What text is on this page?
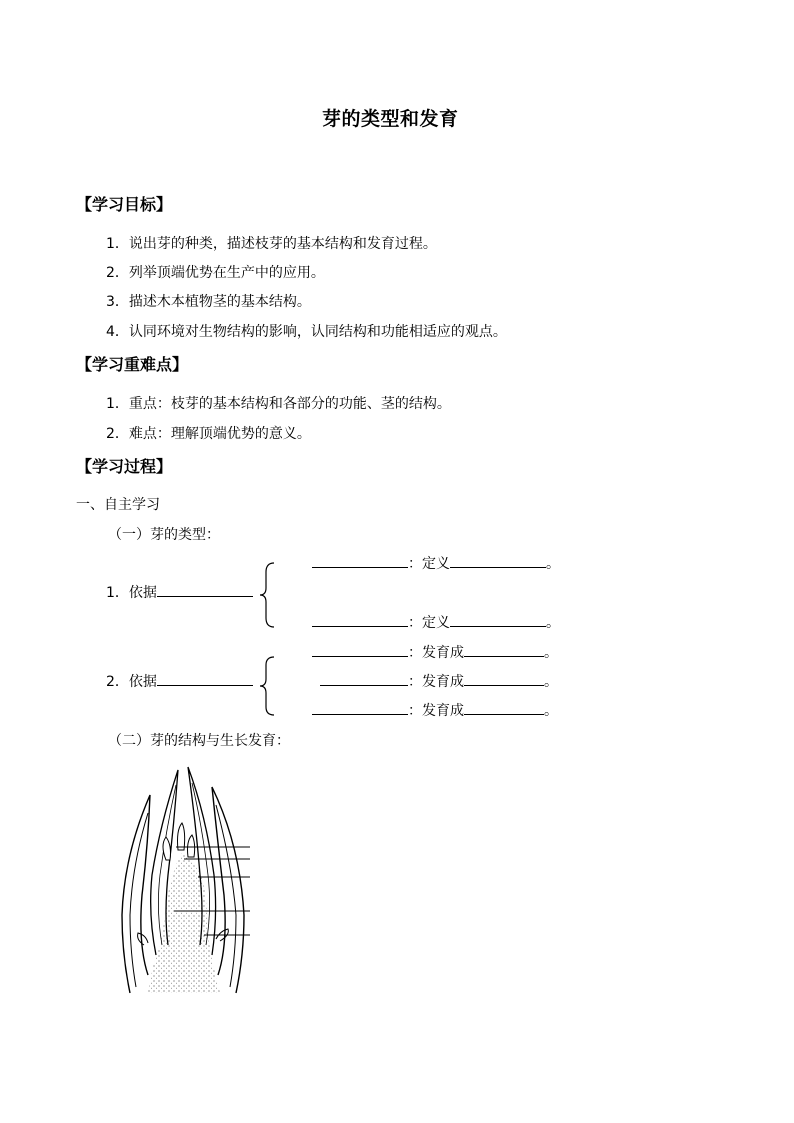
芽的类型和发育
【学习目标】
1．说出芽的种类，描述枝芽的基本结构和发育过程。
2．列举顶端优势在生产中的应用。
3．描述木本植物茎的基本结构。
4．认同环境对生物结构的影响，认同结构和功能相适应的观点。
【学习重难点】
1．重点：枝芽的基本结构和各部分的功能、茎的结构。
2．难点：理解顶端优势的意义。
【学习过程】
一、自主学习
（一）芽的类型：
1．依据
：定义	。
：定义	。
2．依据
：发育成	。
：发育成	。
：发育成	。
（二）芽的结构与生长发育：
